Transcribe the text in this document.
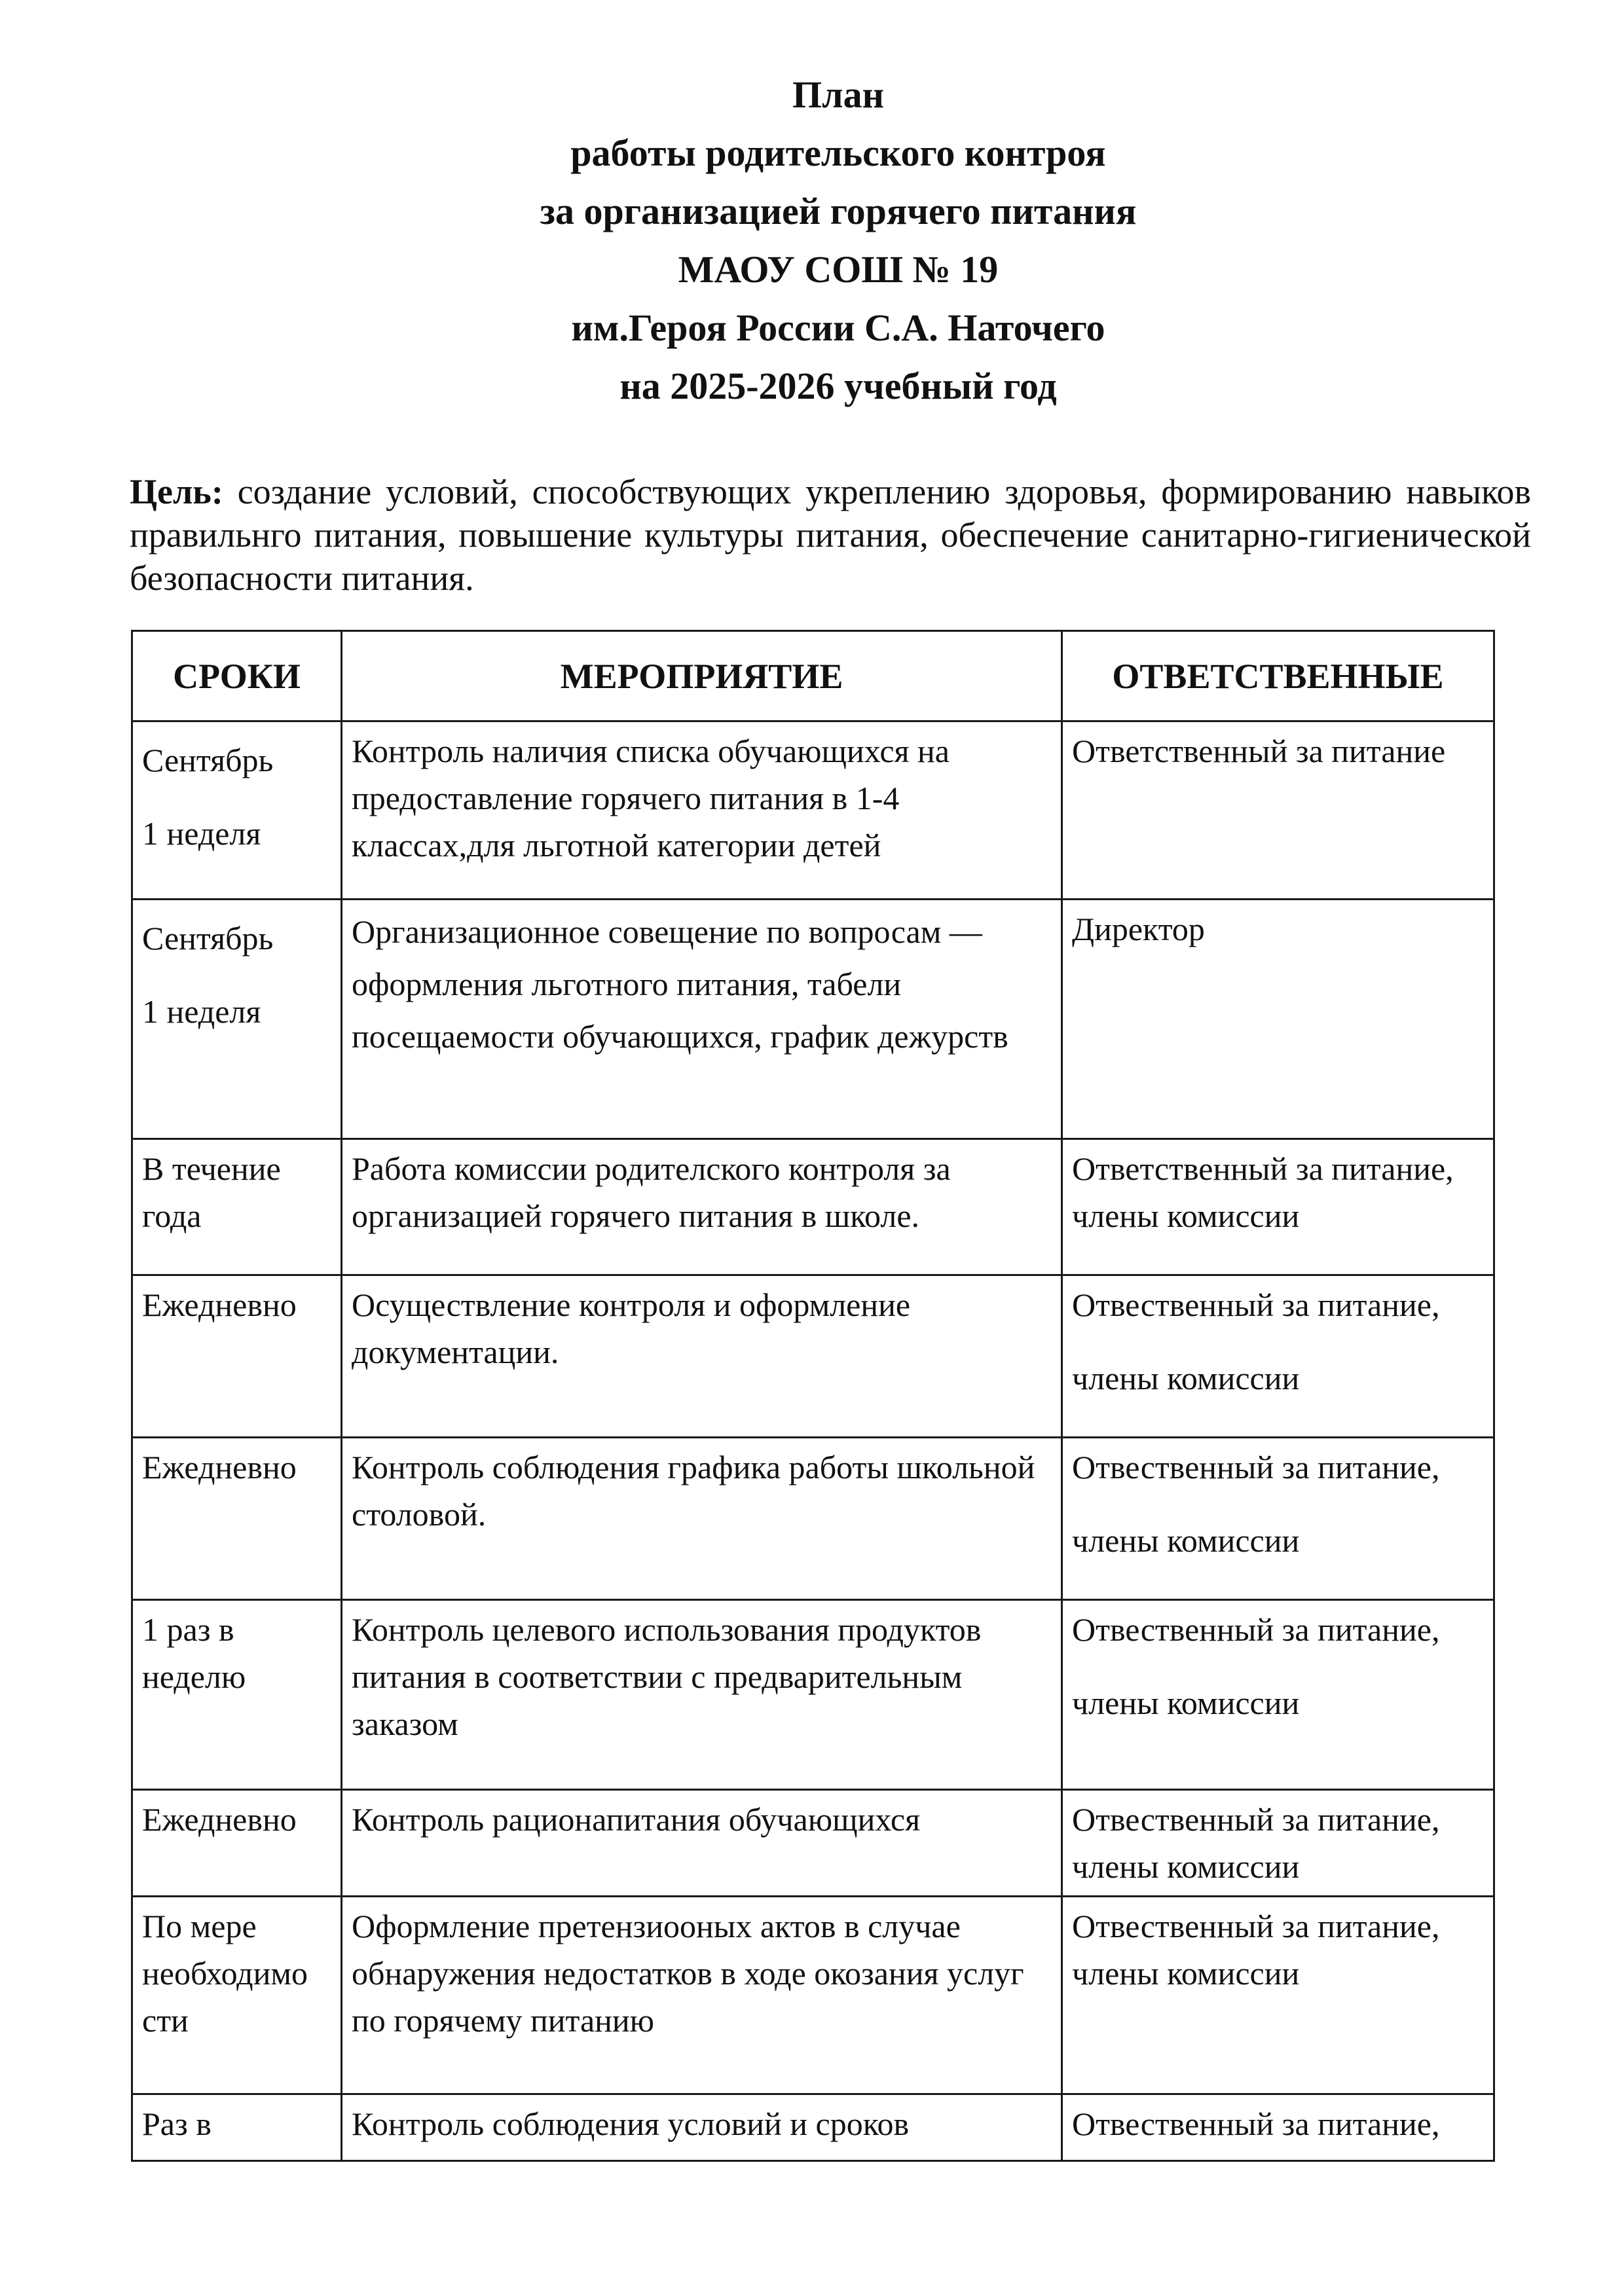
План
работы родительского контроя
за организацией горячего питания
МАОУ СОШ № 19
им.Героя России С.А. Наточего
на 2025-2026 учебный год
Цель: создание условий, способствующих укреплению здоровья, формированию навыков правильнго питания, повышение культуры питания, обеспечение санитарно-гигиенической безопасности питания.
СРОКИ	МЕРОПРИЯТИЕ	ОТВЕТСТВЕННЫЕ

Сентябрь
1 неделя	Контроль наличия списка обучающихся на предоставление горячего питания в 1-4 классах,для льготной категории детей	Ответственный за питание

Сентябрь
1 неделя	Организационное совещение по вопросам — оформления льготного питания, табели посещаемости обучающихся, график дежурств	Директор

В течение года	Работа комиссии родителского контроля за организацией горячего питания в школе.	Ответственный за питание,
члены комиссии

Ежедневно	Осуществление контроля и оформление документации.	Отвественный за питание,
члены комиссии

Ежедневно	Контроль соблюдения графика работы школьной столовой.	Отвественный за питание,
члены комиссии

1 раз в неделю	Контроль целевого использования продуктов питания в соответствии с предварительным заказом	Отвественный за питание,
члены комиссии

Ежедневно	Контроль рационапитания обучающихся	Отвественный за питание,
члены комиссии

По мере необходимо сти	Оформление претензиооных актов в случае обнаружения недостатков в ходе окозания услуг по горячему питанию	Отвественный за питание,
члены комиссии

Раз в	Контроль соблюдения условий и сроков	Отвественный за питание,
